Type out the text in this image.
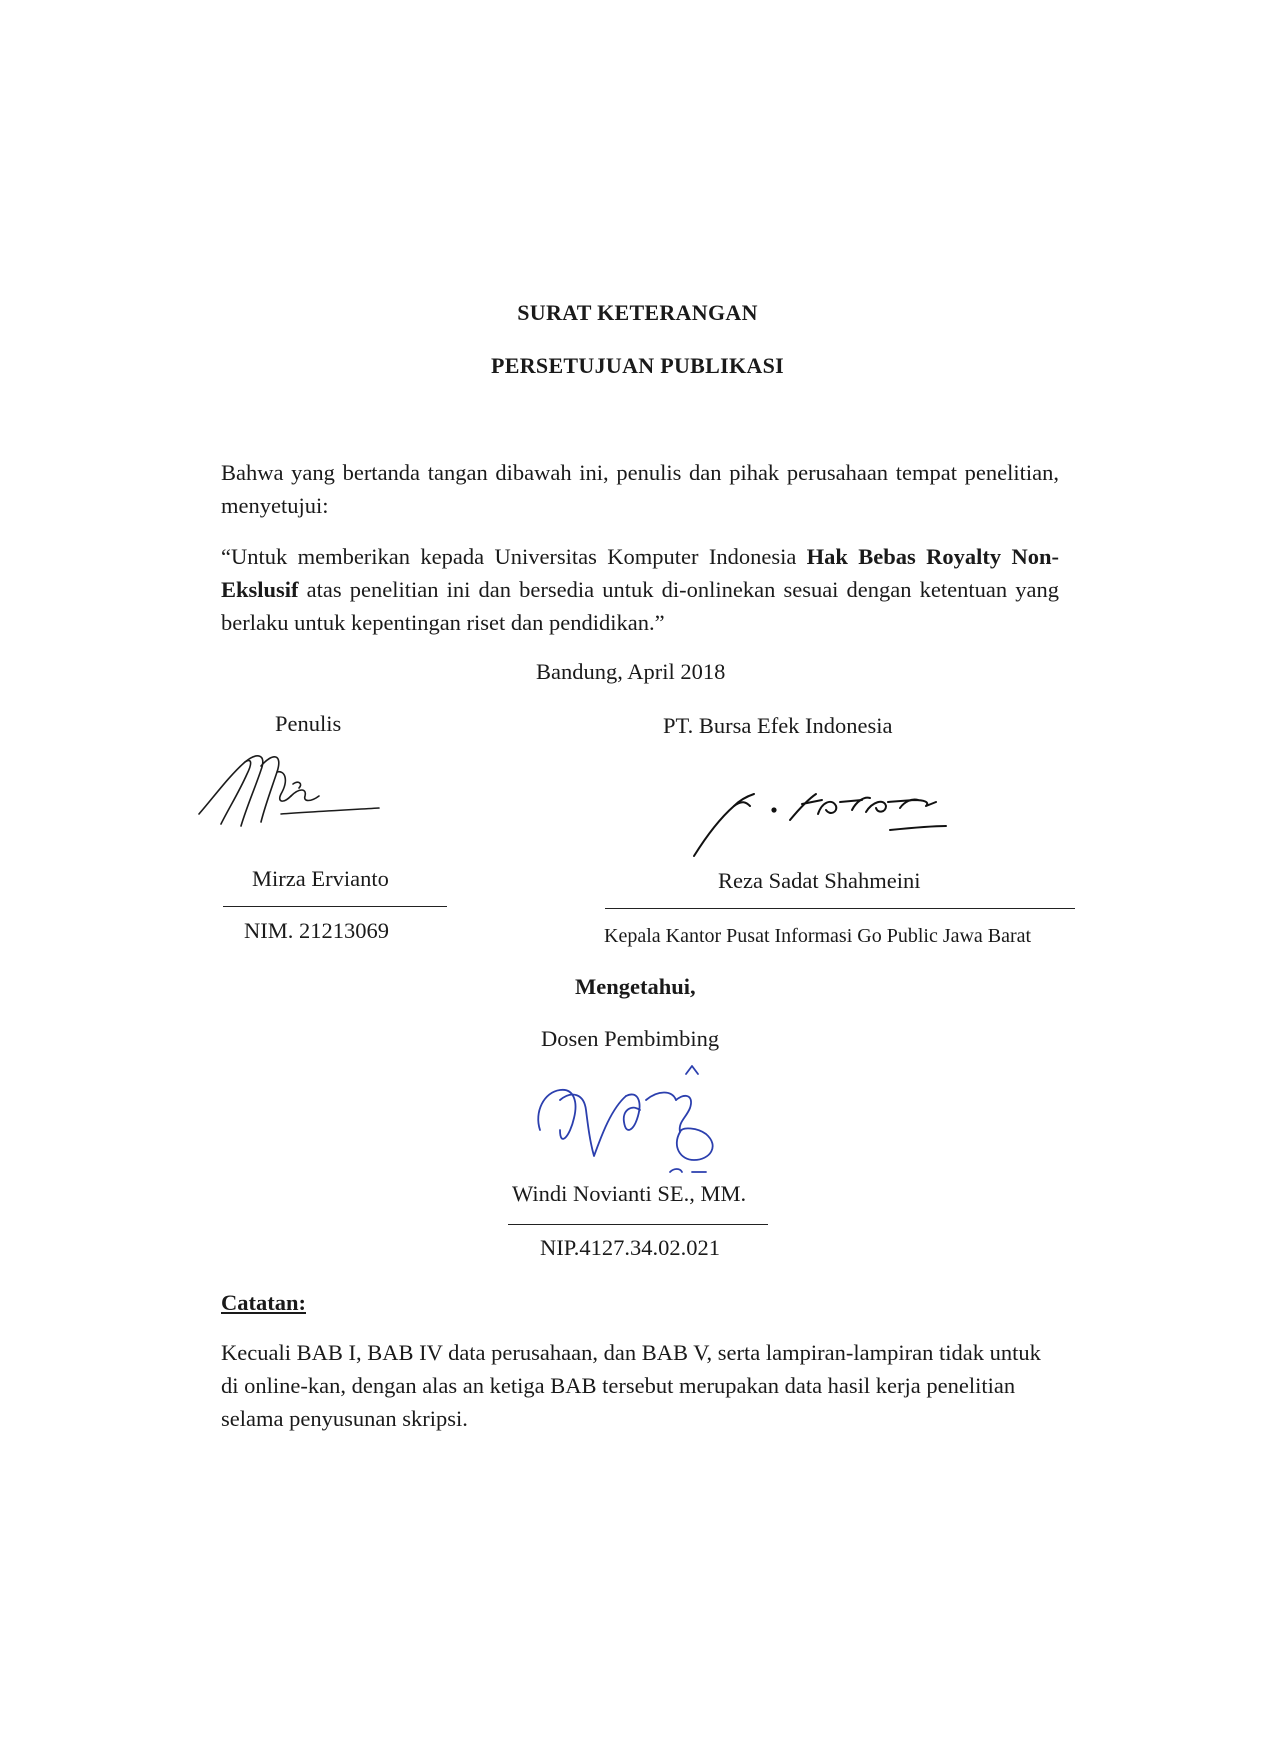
SURAT KETERANGAN
PERSETUJUAN PUBLIKASI
Bahwa yang bertanda tangan dibawah ini, penulis dan pihak perusahaan tempat penelitian, menyetujui:
“Untuk memberikan kepada Universitas Komputer Indonesia Hak Bebas Royalty Non-Ekslusif atas penelitian ini dan bersedia untuk di-onlinekan sesuai dengan ketentuan yang berlaku untuk kepentingan riset dan pendidikan.”
Bandung, April 2018
Penulis
Mirza Ervianto
NIM. 21213069
PT. Bursa Efek Indonesia
Reza Sadat Shahmeini
Kepala Kantor Pusat Informasi Go Public Jawa Barat
Mengetahui,
Dosen Pembimbing
Windi Novianti SE., MM.
NIP.4127.34.02.021
Catatan:
Kecuali BAB I, BAB IV data perusahaan, dan BAB V, serta lampiran-lampiran tidak untuk di online-kan, dengan alas an ketiga BAB tersebut merupakan data hasil kerja penelitian selama penyusunan skripsi.
